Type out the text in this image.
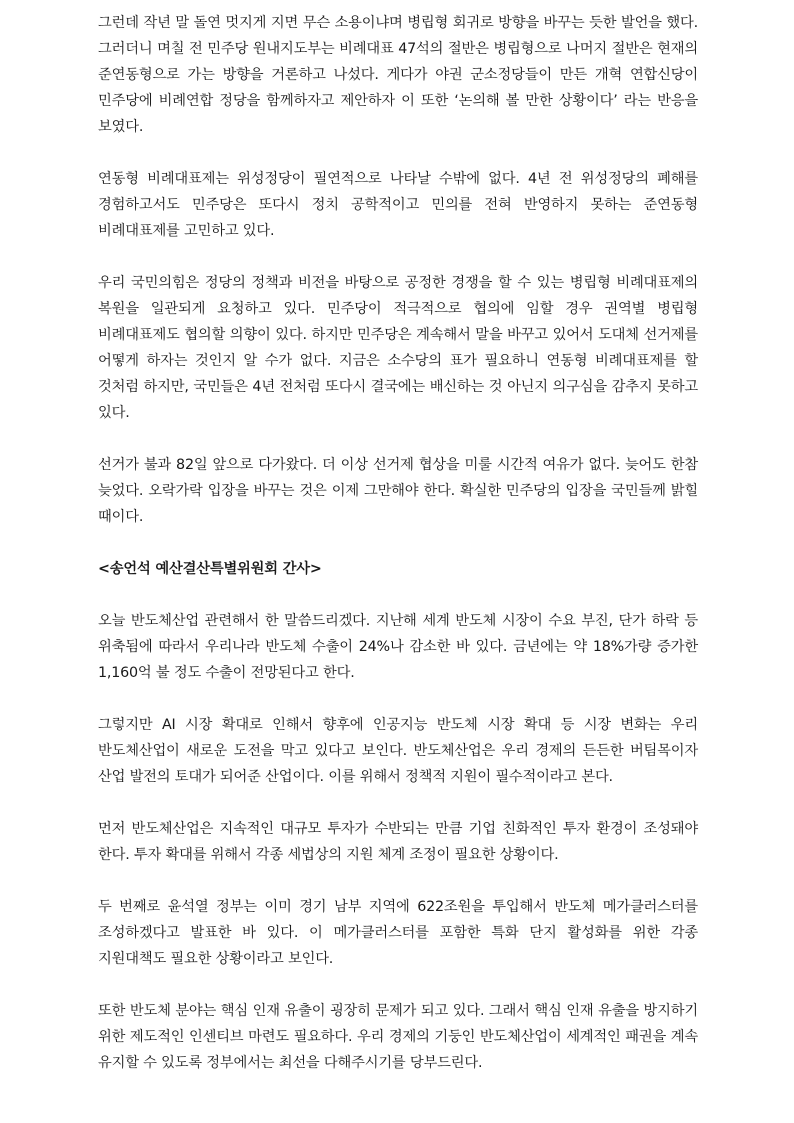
그런데 작년 말 돌연 멋지게 지면 무슨 소용이냐며 병립형 회귀로 방향을 바꾸는 듯한 발언을 했다. 그러더니 며칠 전 민주당 원내지도부는 비례대표 47석의 절반은 병립형으로 나머지 절반은 현재의 준연동형으로 가는 방향을 거론하고 나섰다. 게다가 야권 군소정당들이 만든 개혁 연합신당이 민주당에 비례연합 정당을 함께하자고 제안하자 이 또한 ‘논의해 볼 만한 상황이다’ 라는 반응을 보였다.

연동형 비례대표제는 위성정당이 필연적으로 나타날 수밖에 없다. 4년 전 위성정당의 폐해를 경험하고서도 민주당은 또다시 정치 공학적이고 민의를 전혀 반영하지 못하는 준연동형 비례대표제를 고민하고 있다.

우리 국민의힘은 정당의 정책과 비전을 바탕으로 공정한 경쟁을 할 수 있는 병립형 비례대표제의 복원을 일관되게 요청하고 있다. 민주당이 적극적으로 협의에 임할 경우 권역별 병립형 비례대표제도 협의할 의향이 있다. 하지만 민주당은 계속해서 말을 바꾸고 있어서 도대체 선거제를 어떻게 하자는 것인지 알 수가 없다. 지금은 소수당의 표가 필요하니 연동형 비례대표제를 할 것처럼 하지만, 국민들은 4년 전처럼 또다시 결국에는 배신하는 것 아닌지 의구심을 감추지 못하고 있다.

선거가 불과 82일 앞으로 다가왔다. 더 이상 선거제 협상을 미룰 시간적 여유가 없다. 늦어도 한참 늦었다. 오락가락 입장을 바꾸는 것은 이제 그만해야 한다. 확실한 민주당의 입장을 국민들께 밝힐 때이다.

<송언석 예산결산특별위원회 간사>

오늘 반도체산업 관련해서 한 말씀드리겠다. 지난해 세계 반도체 시장이 수요 부진, 단가 하락 등 위축됨에 따라서 우리나라 반도체 수출이 24%나 감소한 바 있다. 금년에는 약 18%가량 증가한 1,160억 불 정도 수출이 전망된다고 한다.

그렇지만 AI 시장 확대로 인해서 향후에 인공지능 반도체 시장 확대 등 시장 변화는 우리 반도체산업이 새로운 도전을 막고 있다고 보인다. 반도체산업은 우리 경제의 든든한 버팀목이자 산업 발전의 토대가 되어준 산업이다. 이를 위해서 정책적 지원이 필수적이라고 본다.

먼저 반도체산업은 지속적인 대규모 투자가 수반되는 만큼 기업 친화적인 투자 환경이 조성돼야 한다. 투자 확대를 위해서 각종 세법상의 지원 체계 조정이 필요한 상황이다.

두 번째로 윤석열 정부는 이미 경기 남부 지역에 622조원을 투입해서 반도체 메가클러스터를 조성하겠다고 발표한 바 있다. 이 메가클러스터를 포함한 특화 단지 활성화를 위한 각종 지원대책도 필요한 상황이라고 보인다.

또한 반도체 분야는 핵심 인재 유출이 굉장히 문제가 되고 있다. 그래서 핵심 인재 유출을 방지하기 위한 제도적인 인센티브 마련도 필요하다. 우리 경제의 기둥인 반도체산업이 세계적인 패권을 계속 유지할 수 있도록 정부에서는 최선을 다해주시기를 당부드린다.
